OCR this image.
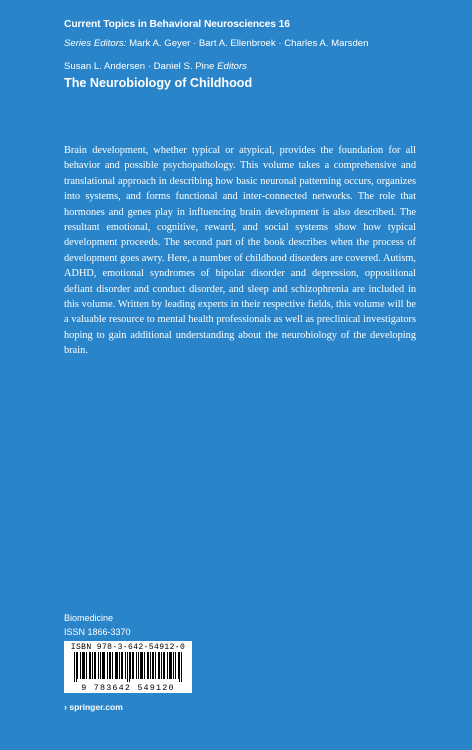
Current Topics in Behavioral Neurosciences 16
Series Editors: Mark A. Geyer · Bart A. Ellenbroek · Charles A. Marsden
Susan L. Andersen · Daniel S. Pine Editors
The Neurobiology of Childhood

Brain development, whether typical or atypical, provides the foundation for all behavior and possible psychopathology. This volume takes a comprehensive and translational approach in describing how basic neuronal patterning occurs, organizes into systems, and forms functional and inter-connected networks. The role that hormones and genes play in influencing brain development is also described. The resultant emotional, cognitive, reward, and social systems show how typical development proceeds. The second part of the book describes when the process of development goes awry. Here, a number of childhood disorders are covered. Autism, ADHD, emotional syndromes of bipolar disorder and depression, oppositional defiant disorder and conduct disorder, and sleep and schizophrenia are included in this volume. Written by leading experts in their respective fields, this volume will be a valuable resource to mental health professionals as well as preclinical investigators hoping to gain additional understanding about the neurobiology of the developing brain.

Biomedicine
ISSN 1866-3370
ISBN 978-3-642-54912-0
9 783642 549120
› springer.com
